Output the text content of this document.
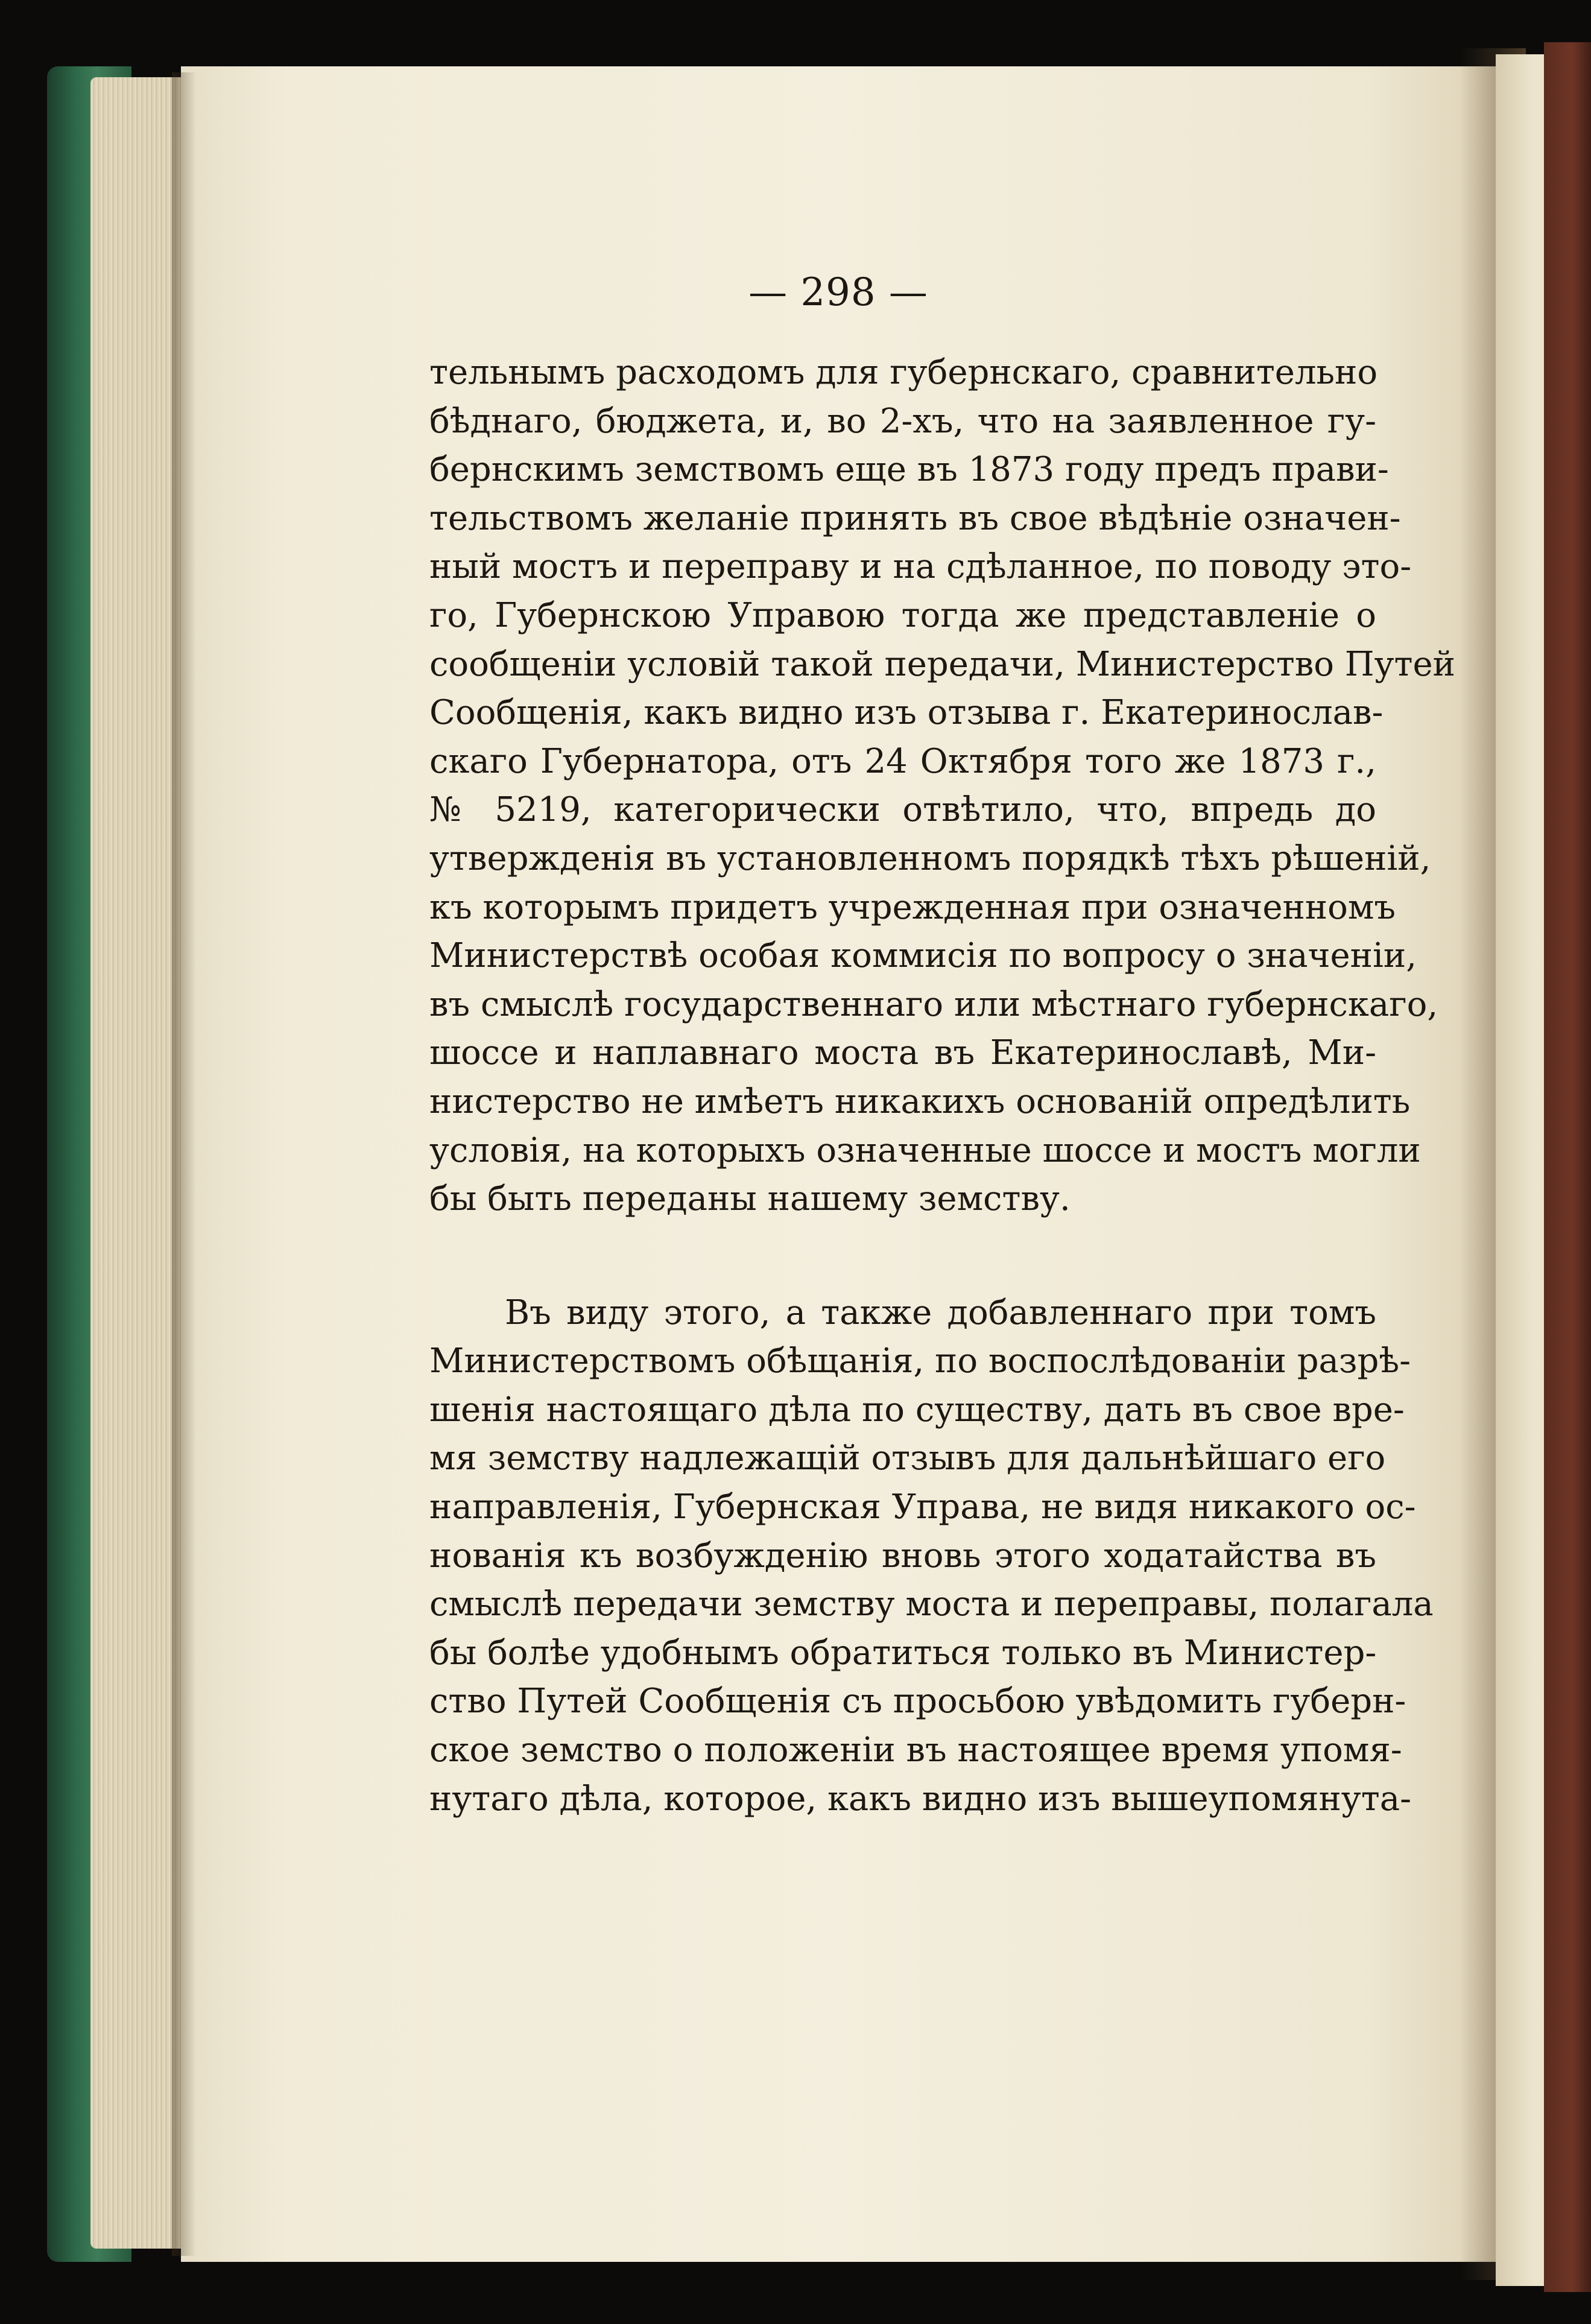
— 298 —
тельнымъ расходомъ для губернскаго, сравнительно
бѣднаго, бюджета, и, во 2-хъ, что на заявленное гу-
бернскимъ земствомъ еще въ 1873 году предъ прави-
тельствомъ желаніе принять въ свое вѣдѣніе означен-
ный мостъ и переправу и на сдѣланное, по поводу это-
го, Губернскою Управою тогда же представленіе о
сообщеніи условій такой передачи, Министерство Путей
Сообщенія, какъ видно изъ отзыва г. Екатеринослав-
скаго Губернатора, отъ 24 Октября того же 1873 г.,
№ 5219, категорически отвѣтило, что, впредь до
утвержденія въ установленномъ порядкѣ тѣхъ рѣшеній,
къ которымъ придетъ учрежденная при означенномъ
Министерствѣ особая коммисія по вопросу о значеніи,
въ смыслѣ государственнаго или мѣстнаго губернскаго,
шоссе и наплавнаго моста въ Екатеринославѣ, Ми-
нистерство не имѣетъ никакихъ основаній опредѣлить
условія, на которыхъ означенные шоссе и мостъ могли
бы быть переданы нашему земству.
Въ виду этого, а также добавленнаго при томъ
Министерствомъ обѣщанія, по воспослѣдованіи разрѣ-
шенія настоящаго дѣла по существу, дать въ свое вре-
мя земству надлежащій отзывъ для дальнѣйшаго его
направленія, Губернская Управа, не видя никакого ос-
нованія къ возбужденію вновь этого ходатайства въ
смыслѣ передачи земству моста и переправы, полагала
бы болѣе удобнымъ обратиться только въ Министер-
ство Путей Сообщенія съ просьбою увѣдомить губерн-
ское земство о положеніи въ настоящее время упомя-
нутаго дѣла, которое, какъ видно изъ вышеупомянута-
